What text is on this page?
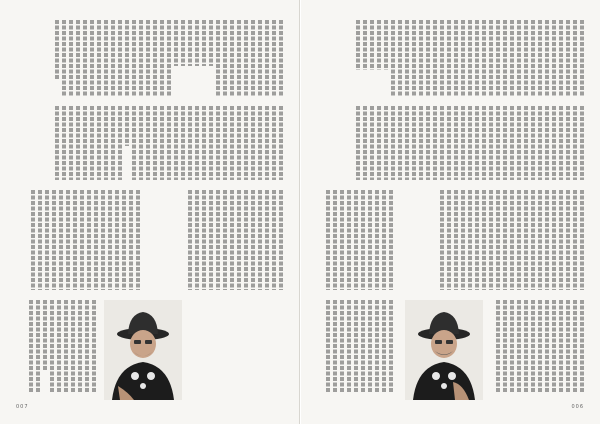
007	006
